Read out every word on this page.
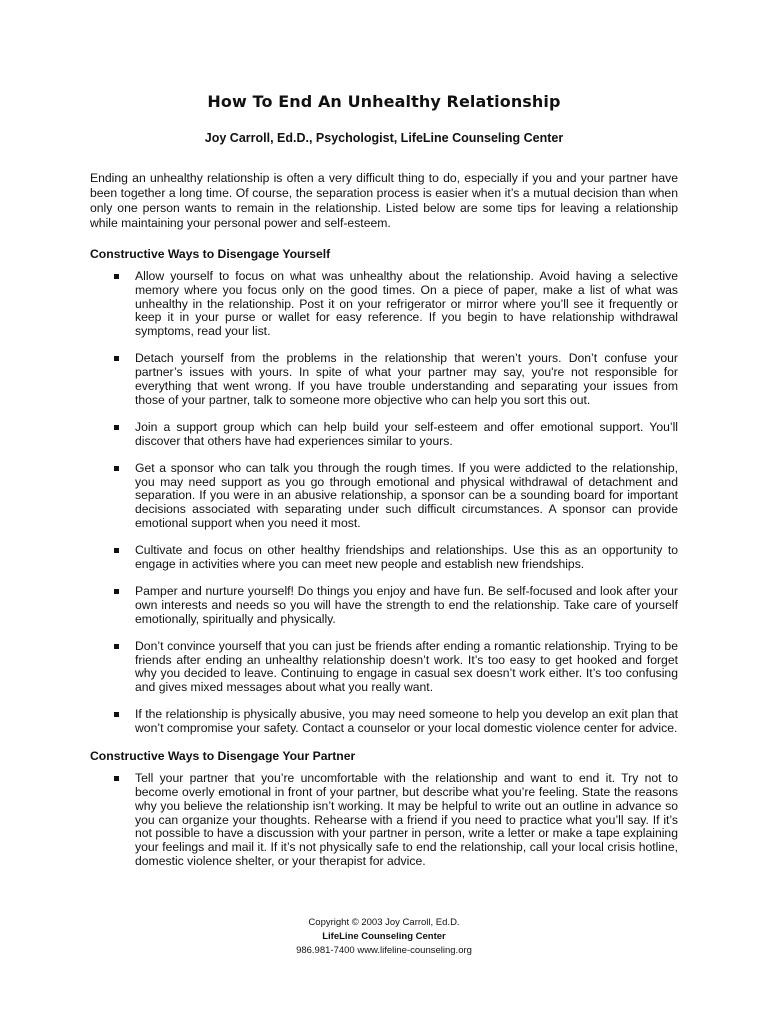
How To End An Unhealthy Relationship
Joy Carroll, Ed.D., Psychologist, LifeLine Counseling Center

Ending an unhealthy relationship is often a very difficult thing to do, especially if you and your partner have been together a long time. Of course, the separation process is easier when it’s a mutual decision than when only one person wants to remain in the relationship. Listed below are some tips for leaving a relationship while maintaining your personal power and self-esteem.

Constructive Ways to Disengage Yourself
Allow yourself to focus on what was unhealthy about the relationship. Avoid having a selective memory where you focus only on the good times. On a piece of paper, make a list of what was unhealthy in the relationship. Post it on your refrigerator or mirror where you’ll see it frequently or keep it in your purse or wallet for easy reference. If you begin to have relationship withdrawal symptoms, read your list.
Detach yourself from the problems in the relationship that weren’t yours. Don’t confuse your partner’s issues with yours. In spite of what your partner may say, you're not responsible for everything that went wrong. If you have trouble understanding and separating your issues from those of your partner, talk to someone more objective who can help you sort this out.
Join a support group which can help build your self-esteem and offer emotional support. You’ll discover that others have had experiences similar to yours.
Get a sponsor who can talk you through the rough times. If you were addicted to the relationship, you may need support as you go through emotional and physical withdrawal of detachment and separation. If you were in an abusive relationship, a sponsor can be a sounding board for important decisions associated with separating under such difficult circumstances. A sponsor can provide emotional support when you need it most.
Cultivate and focus on other healthy friendships and relationships. Use this as an opportunity to engage in activities where you can meet new people and establish new friendships.
Pamper and nurture yourself! Do things you enjoy and have fun. Be self-focused and look after your own interests and needs so you will have the strength to end the relationship. Take care of yourself emotionally, spiritually and physically.
Don’t convince yourself that you can just be friends after ending a romantic relationship. Trying to be friends after ending an unhealthy relationship doesn’t work. It’s too easy to get hooked and forget why you decided to leave. Continuing to engage in casual sex doesn’t work either. It’s too confusing and gives mixed messages about what you really want.
If the relationship is physically abusive, you may need someone to help you develop an exit plan that won’t compromise your safety. Contact a counselor or your local domestic violence center for advice.
Constructive Ways to Disengage Your Partner
Tell your partner that you’re uncomfortable with the relationship and want to end it. Try not to become overly emotional in front of your partner, but describe what you’re feeling. State the reasons why you believe the relationship isn’t working. It may be helpful to write out an outline in advance so you can organize your thoughts. Rehearse with a friend if you need to practice what you’ll say. If it’s not possible to have a discussion with your partner in person, write a letter or make a tape explaining your feelings and mail it. If it’s not physically safe to end the relationship, call your local crisis hotline, domestic violence shelter, or your therapist for advice.
Copyright © 2003 Joy Carroll, Ed.D.
LifeLine Counseling Center
986.981-7400 www.lifeline-counseling.org
